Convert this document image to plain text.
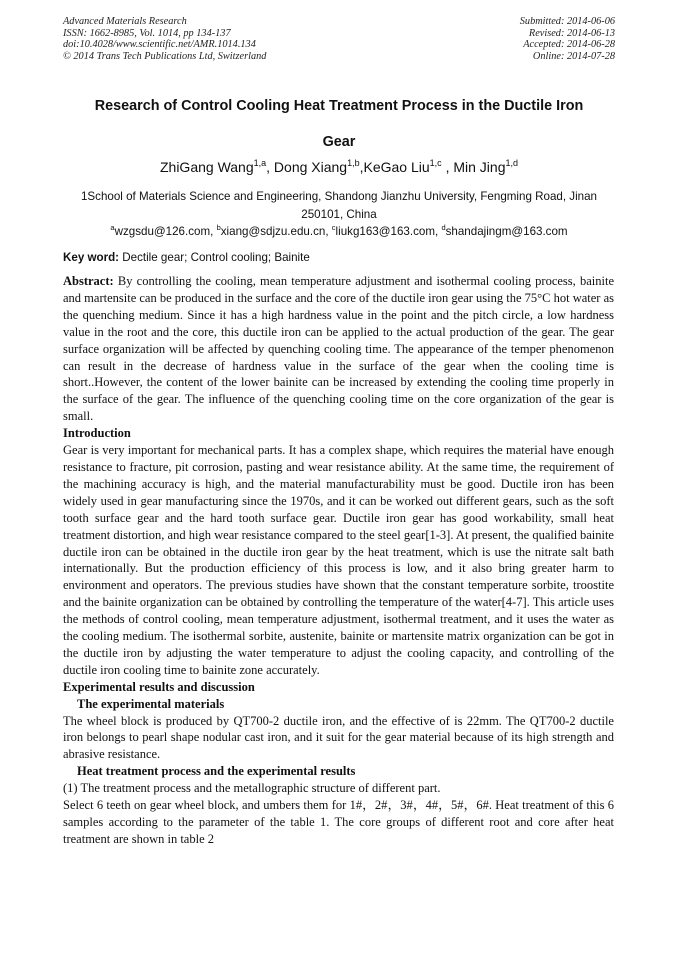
Advanced Materials Research
ISSN: 1662-8985, Vol. 1014, pp 134-137
doi:10.4028/www.scientific.net/AMR.1014.134
© 2014 Trans Tech Publications Ltd, Switzerland
Submitted: 2014-06-06
Revised: 2014-06-13
Accepted: 2014-06-28
Online: 2014-07-28
Research of Control Cooling Heat Treatment Process in the Ductile Iron
Gear
ZhiGang Wang$^{1,a}$, Dong Xiang$^{1,b}$,KeGao Liu$^{1,c}$ , Min Jing$^{1,d}$
1School of Materials Science and Engineering, Shandong Jianzhu University, Fengming Road, Jinan 250101, China
$^a$wzgsdu@126.com, $^b$xiang@sdjzu.edu.cn, $^c$liukg163@163.com, $^d$shandajingm@163.com
Key word: Dectile gear; Control cooling; Bainite

Abstract: By controlling the cooling, mean temperature adjustment and isothermal cooling process, bainite and martensite can be produced in the surface and the core of the ductile iron gear using the 75°C hot water as the quenching medium. Since it has a high hardness value in the point and the pitch circle, a low hardness value in the root and the core, this ductile iron can be applied to the actual production of the gear. The gear surface organization will be affected by quenching cooling time. The appearance of the temper phenomenon can result in the decrease of hardness value in the surface of the gear when the cooling time is short..However, the content of the lower bainite can be increased by extending the cooling time properly in the surface of the gear. The influence of the quenching cooling time on the core organization of the gear is small.

Introduction

Gear is very important for mechanical parts. It has a complex shape, which requires the material have enough resistance to fracture, pit corrosion, pasting and wear resistance ability. At the same time, the requirement of the machining accuracy is high, and the material manufacturability must be good. Ductile iron has been widely used in gear manufacturing since the 1970s, and it can be worked out different gears, such as the soft tooth surface gear and the hard tooth surface gear. Ductile iron gear has good workability, small heat treatment distortion, and high wear resistance compared to the steel gear[1-3]. At present, the qualified bainite ductile iron can be obtained in the ductile iron gear by the heat treatment, which is use the nitrate salt bath internationally. But the production efficiency of this process is low, and it also bring greater harm to environment and operators. The previous studies have shown that the constant temperature sorbite, troostite and the bainite organization can be obtained by controlling the temperature of the water[4-7]. This article uses the methods of control cooling, mean temperature adjustment, isothermal treatment, and it uses the water as the cooling medium. The isothermal sorbite, austenite, bainite or martensite matrix organization can be got in the ductile iron by adjusting the water temperature to adjust the cooling capacity, and controlling of the ductile iron cooling time to bainite zone accurately.

Experimental results and discussion

The experimental materials

The wheel block is produced by QT700-2 ductile iron, and the effective of is 22mm. The QT700-2 ductile iron belongs to pearl shape nodular cast iron, and it suit for the gear material because of its high strength and abrasive resistance.

Heat treatment process and the experimental results

(1) The treatment process and the metallographic structure of different part.

Select 6 teeth on gear wheel block, and umbers them for 1#，2#，3#，4#，5#，6#. Heat treatment of this 6 samples according to the parameter of the table 1. The core groups of different root and core after heat treatment are shown in table 2
